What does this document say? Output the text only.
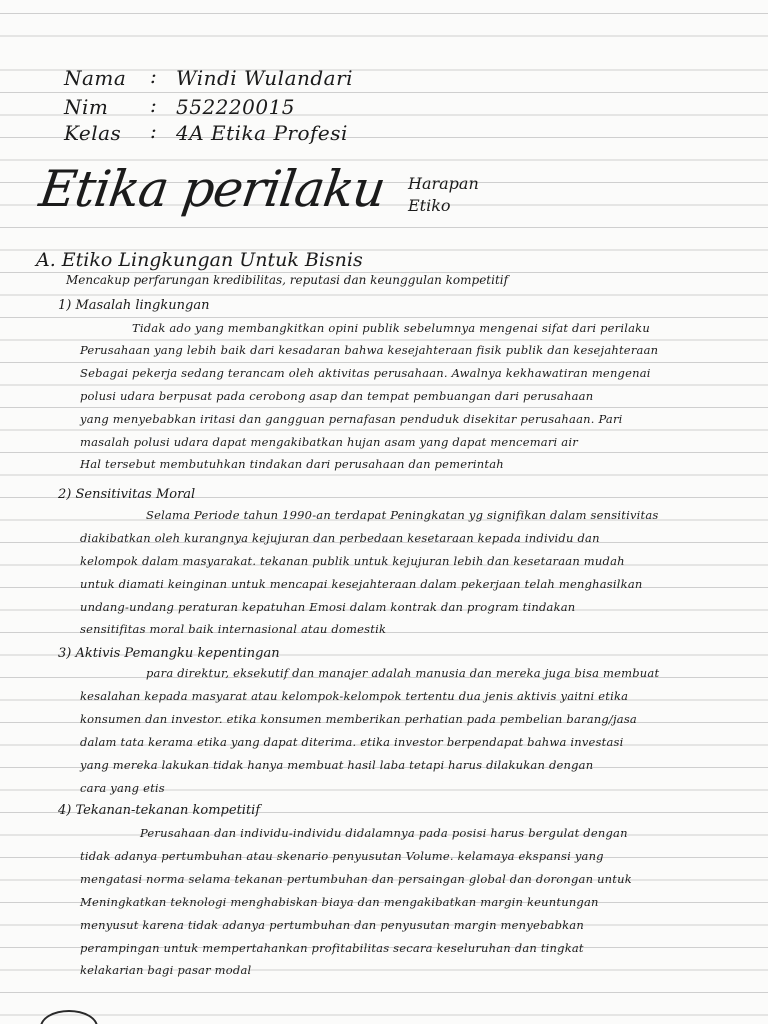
Nama : Windi Wulandari
Nim : 552220015
Kelas : 4A Etika Profesi
Etika perilaku Harapan
Etiko
A. Etiko Lingkungan Untuk Bisnis
Mencakup perfarungan kredibilitas, reputasi dan keunggulan kompetitif
1) Masalah lingkungan
Tidak ado yang membangkitkan opini publik sebelumnya mengenai sifat dari perilaku
Perusahaan yang lebih baik dari kesadaran bahwa kesejahteraan fisik publik dan kesejahteraan
Sebagai pekerja sedang terancam oleh aktivitas perusahaan. Awalnya kekhawatiran mengenai
polusi udara berpusat pada cerobong asap dan tempat pembuangan dari perusahaan
yang menyebabkan iritasi dan gangguan pernafasan penduduk disekitar perusahaan. Pari
masalah polusi udara dapat mengakibatkan hujan asam yang dapat mencemari air
Hal tersebut membutuhkan tindakan dari perusahaan dan pemerintah
2) Sensitivitas Moral
Selama Periode tahun 1990-an terdapat Peningkatan yg signifikan dalam sensitivitas
diakibatkan oleh kurangnya kejujuran dan perbedaan kesetaraan kepada individu dan
kelompok dalam masyarakat. tekanan publik untuk kejujuran lebih dan kesetaraan mudah
untuk diamati keinginan untuk mencapai kesejahteraan dalam pekerjaan telah menghasilkan
undang-undang peraturan kepatuhan Emosi dalam kontrak dan program tindakan
sensitifitas moral baik internasional atau domestik
3) Aktivis Pemangku kepentingan
para direktur, eksekutif dan manajer adalah manusia dan mereka juga bisa membuat
kesalahan kepada masyarat atau kelompok-kelompok tertentu dua jenis aktivis yaitni etika
konsumen dan investor. etika konsumen memberikan perhatian pada pembelian barang/jasa
dalam tata kerama etika yang dapat diterima. etika investor berpendapat bahwa investasi
yang mereka lakukan tidak hanya membuat hasil laba tetapi harus dilakukan dengan
cara yang etis
4) Tekanan-tekanan kompetitif
Perusahaan dan individu-individu didalamnya pada posisi harus bergulat dengan
tidak adanya pertumbuhan atau skenario penyusutan Volume. kelamaya ekspansi yang
mengatasi norma selama tekanan pertumbuhan dan persaingan global dan dorongan untuk
Meningkatkan teknologi menghabiskan biaya dan mengakibatkan margin keuntungan
menyusut karena tidak adanya pertumbuhan dan penyusutan margin menyebabkan
perampingan untuk mempertahankan profitabilitas secara keseluruhan dan tingkat
kelakarian bagi pasar modal
